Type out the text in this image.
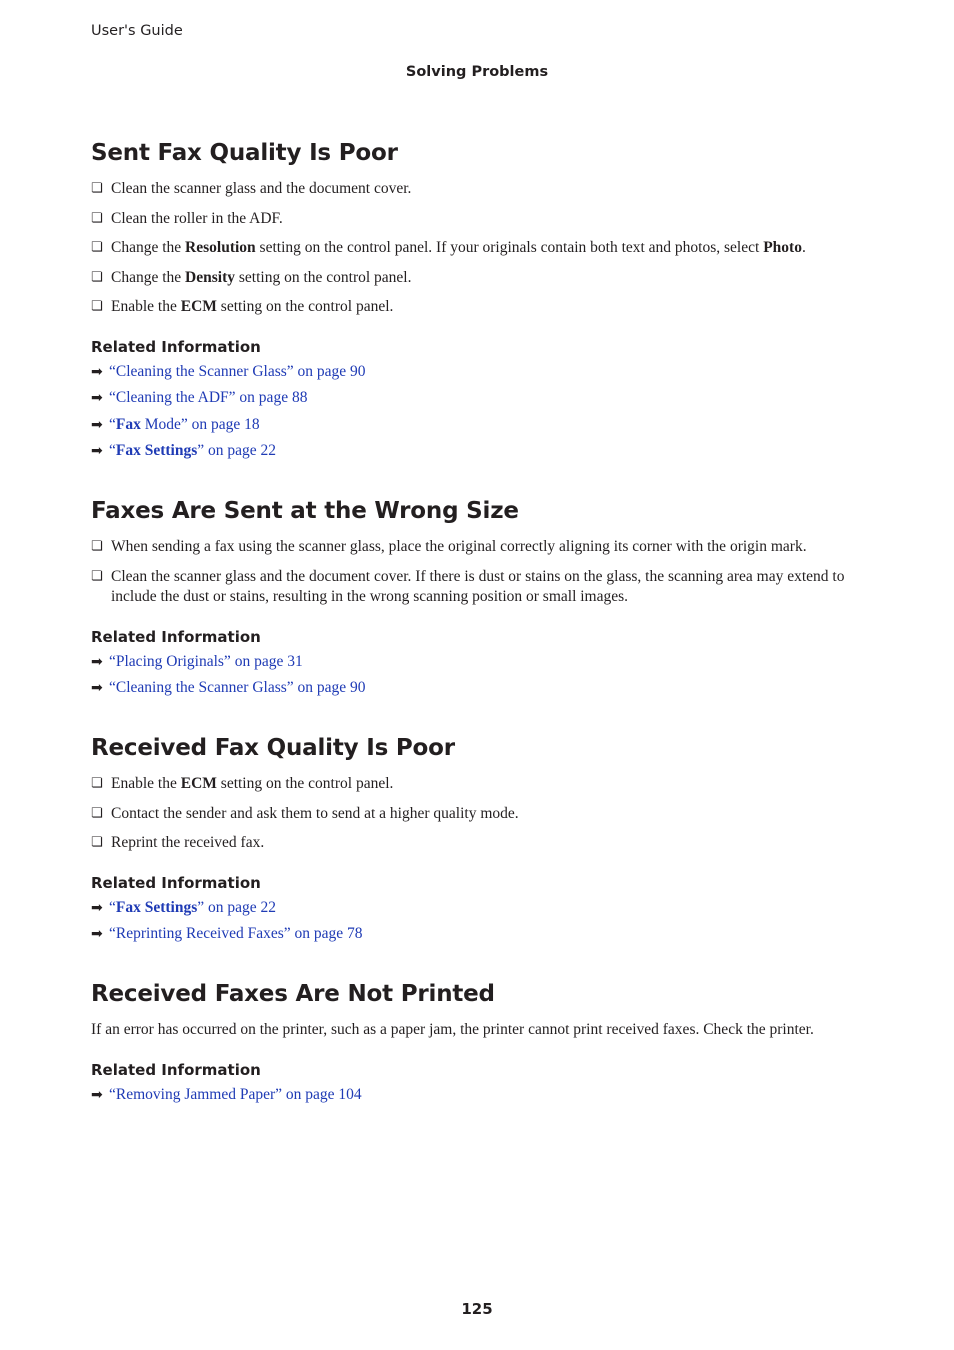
User's Guide
Solving Problems
Sent Fax Quality Is Poor
❏ Clean the scanner glass and the document cover.
❏ Clean the roller in the ADF.
❏ Change the Resolution setting on the control panel. If your originals contain both text and photos, select Photo.
❏ Change the Density setting on the control panel.
❏ Enable the ECM setting on the control panel.
Related Information
➡ “Cleaning the Scanner Glass” on page 90
➡ “Cleaning the ADF” on page 88
➡ “Fax Mode” on page 18
➡ “Fax Settings” on page 22
Faxes Are Sent at the Wrong Size
❏ When sending a fax using the scanner glass, place the original correctly aligning its corner with the origin mark.
❏ Clean the scanner glass and the document cover. If there is dust or stains on the glass, the scanning area may extend to include the dust or stains, resulting in the wrong scanning position or small images.
Related Information
➡ “Placing Originals” on page 31
➡ “Cleaning the Scanner Glass” on page 90
Received Fax Quality Is Poor
❏ Enable the ECM setting on the control panel.
❏ Contact the sender and ask them to send at a higher quality mode.
❏ Reprint the received fax.
Related Information
➡ “Fax Settings” on page 22
➡ “Reprinting Received Faxes” on page 78
Received Faxes Are Not Printed

If an error has occurred on the printer, such as a paper jam, the printer cannot print received faxes. Check the printer.

Related Information
➡ “Removing Jammed Paper” on page 104
125
